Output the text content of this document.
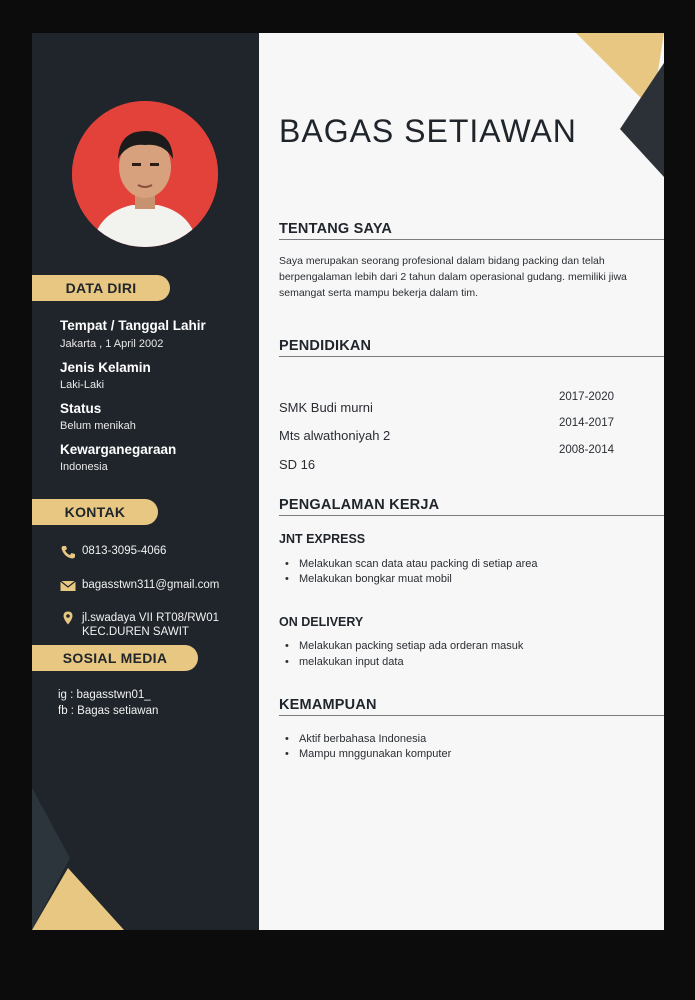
DATA DIRI
Tempat / Tanggal Lahir
Jakarta , 1 April 2002
Jenis Kelamin
Laki-Laki
Status
Belum menikah
Kewarganegaraan
Indonesia
KONTAK
0813-3095-4066
bagasstwn311@gmail.com
jl.swadaya VII RT08/RW01
KEC.DUREN SAWIT
SOSIAL MEDIA
ig : bagasstwn01_
fb : Bagas setiawan
BAGAS SETIAWAN
TENTANG SAYA
Saya merupakan seorang profesional dalam bidang packing dan telah berpengalaman lebih dari 2 tahun dalam operasional gudang. memiliki jiwa semangat serta mampu bekerja dalam tim.
PENDIDIKAN
SMK Budi murni
Mts alwathoniyah 2
SD 16
2017-2020
2014-2017
2008-2014
PENGALAMAN KERJA
JNT EXPRESS
• Melakukan scan data atau packing di setiap area
• Melakukan bongkar muat mobil
ON DELIVERY
• Melakukan packing setiap ada orderan masuk
• melakukan input data
KEMAMPUAN
• Aktif berbahasa Indonesia
• Mampu mnggunakan komputer
